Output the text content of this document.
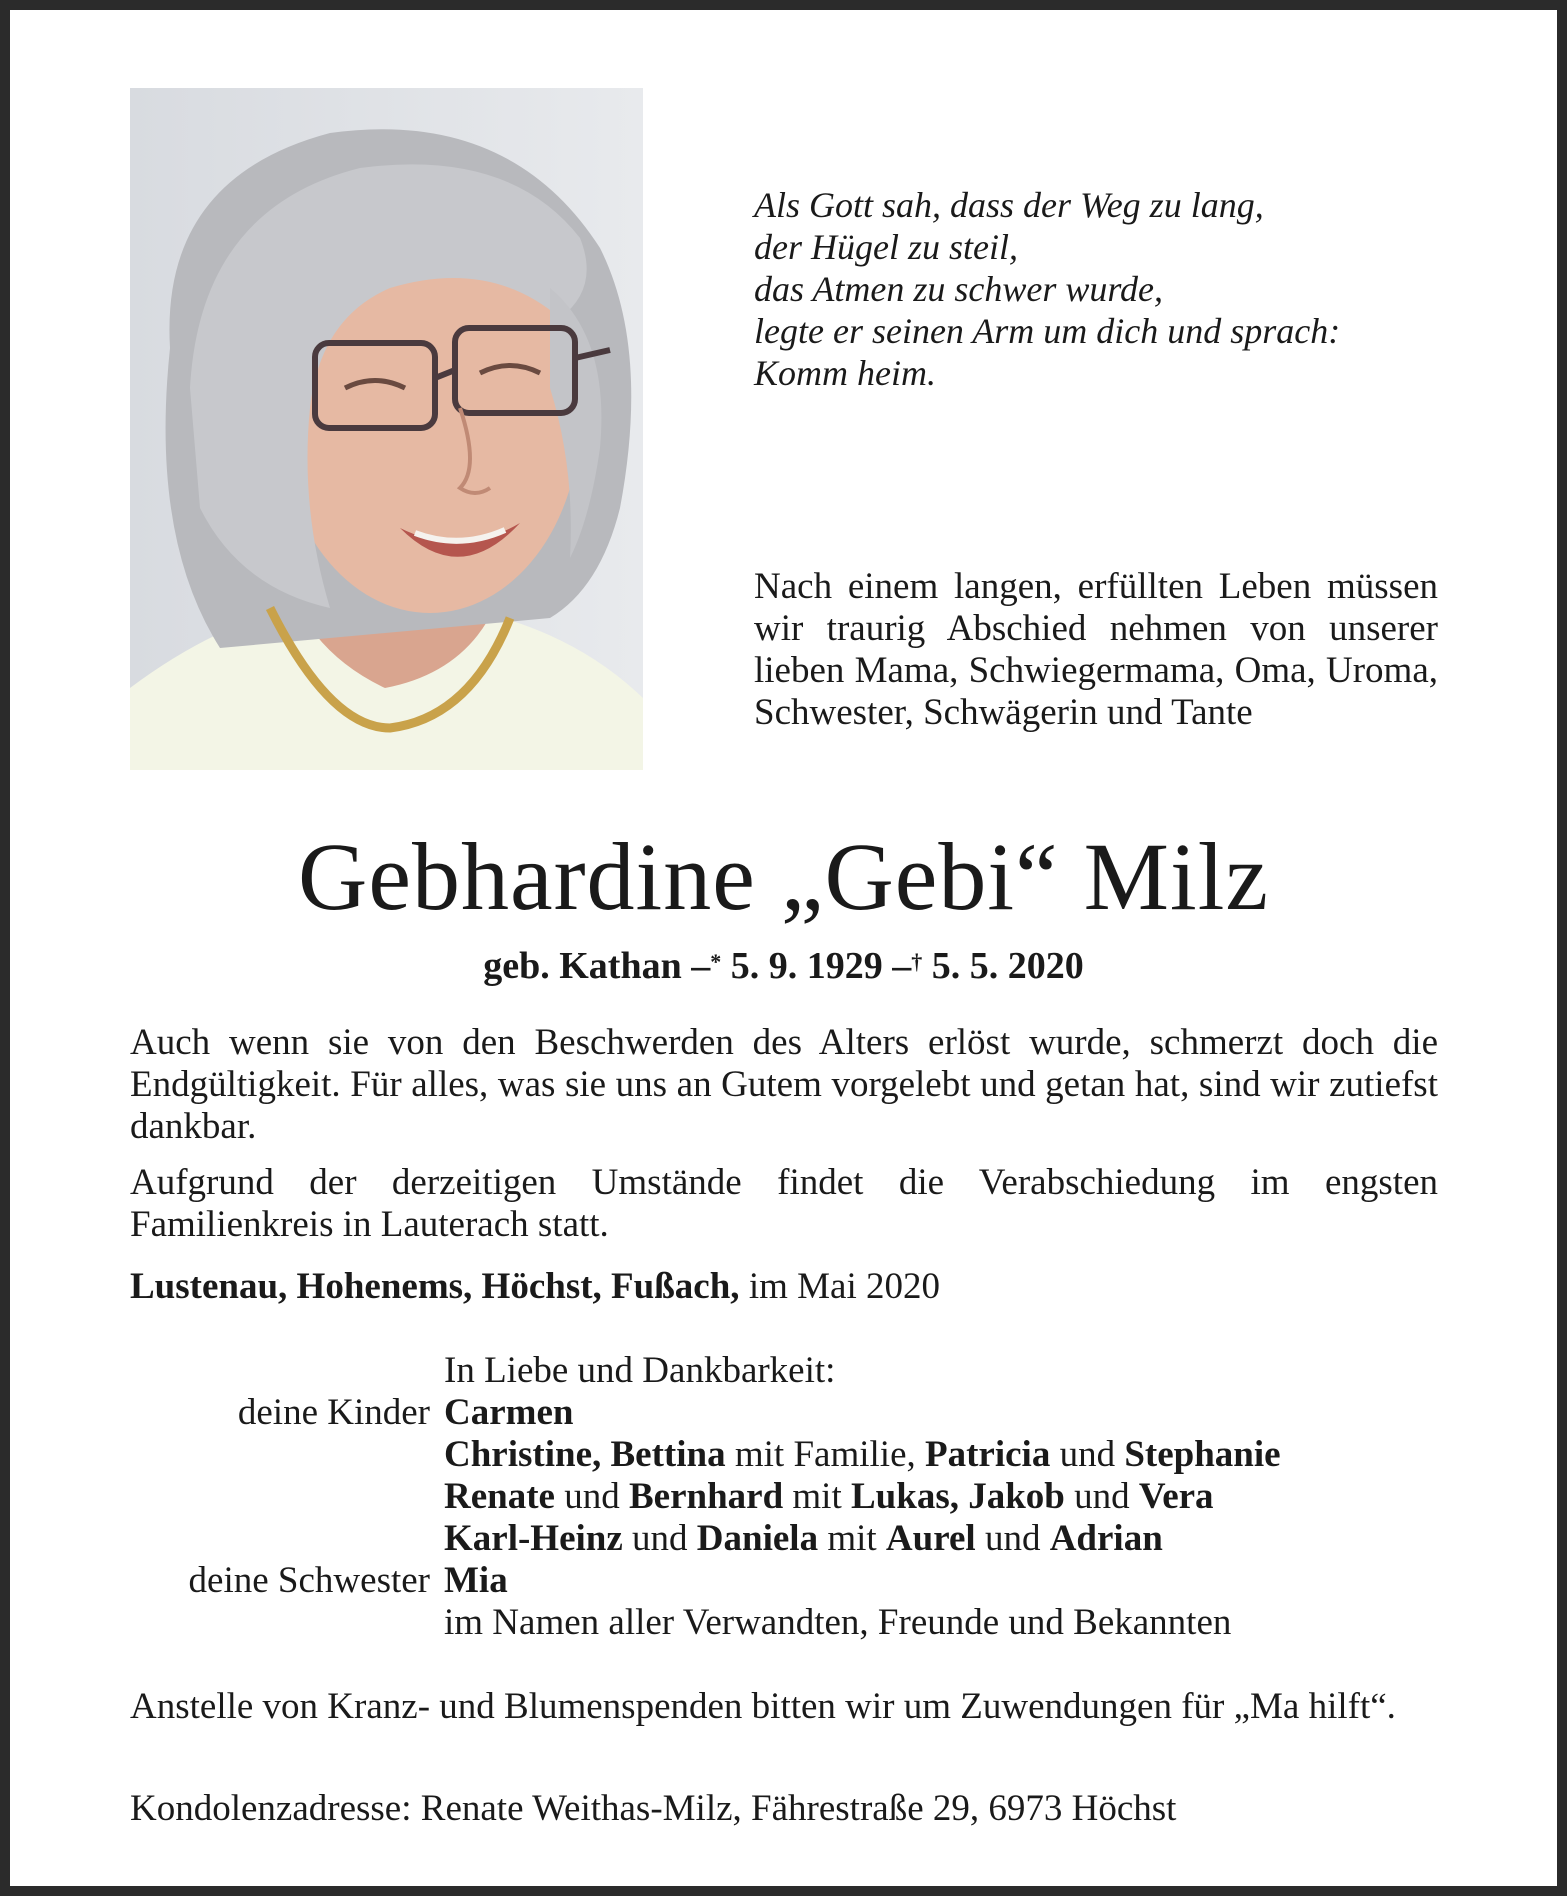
Als Gott sah, dass der Weg zu lang,
der Hügel zu steil,
das Atmen zu schwer wurde,
legte er seinen Arm um dich und sprach:
Komm heim.
Nach einem langen, erfüllten Leben müssen wir traurig Abschied nehmen von unserer lieben Mama, Schwiegermama, Oma, Uroma, Schwester, Schwägerin und Tante
Gebhardine „Gebi“ Milz
geb. Kathan –* 5. 9. 1929 –† 5. 5. 2020
Auch wenn sie von den Beschwerden des Alters erlöst wurde, schmerzt doch die Endgültigkeit. Für alles, was sie uns an Gutem vorgelebt und getan hat, sind wir zutiefst dankbar.
Aufgrund der derzeitigen Umstände findet die Verabschiedung im engsten Familienkreis in Lauterach statt.
Lustenau, Hohenems, Höchst, Fußach, im Mai 2020
In Liebe und Dankbarkeit:
deine Kinder Carmen
Christine, Bettina mit Familie, Patricia und Stephanie
Renate und Bernhard mit Lukas, Jakob und Vera
Karl-Heinz und Daniela mit Aurel und Adrian
deine Schwester Mia
im Namen aller Verwandten, Freunde und Bekannten
Anstelle von Kranz- und Blumenspenden bitten wir um Zuwendungen für „Ma hilft“.
Kondolenzadresse: Renate Weithas-Milz, Fährestraße 29, 6973 Höchst
